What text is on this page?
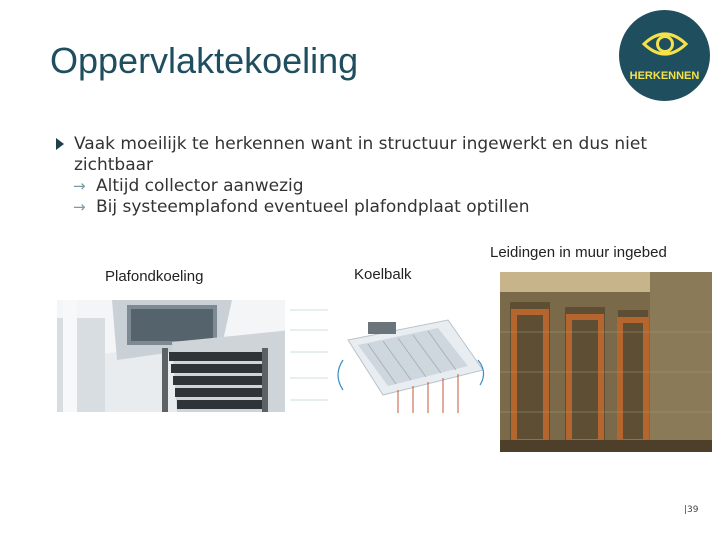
Oppervlaktekoeling	HERKENNEN
Vaak moeilijk te herkennen want in structuur ingewerkt en dus niet zichtbaar
→ Altijd collector aanwezig
→ Bij systeemplafond eventueel plafondplaat optillen
Plafondkoeling	Koelbalk
Leidingen in muur ingebed
|39
